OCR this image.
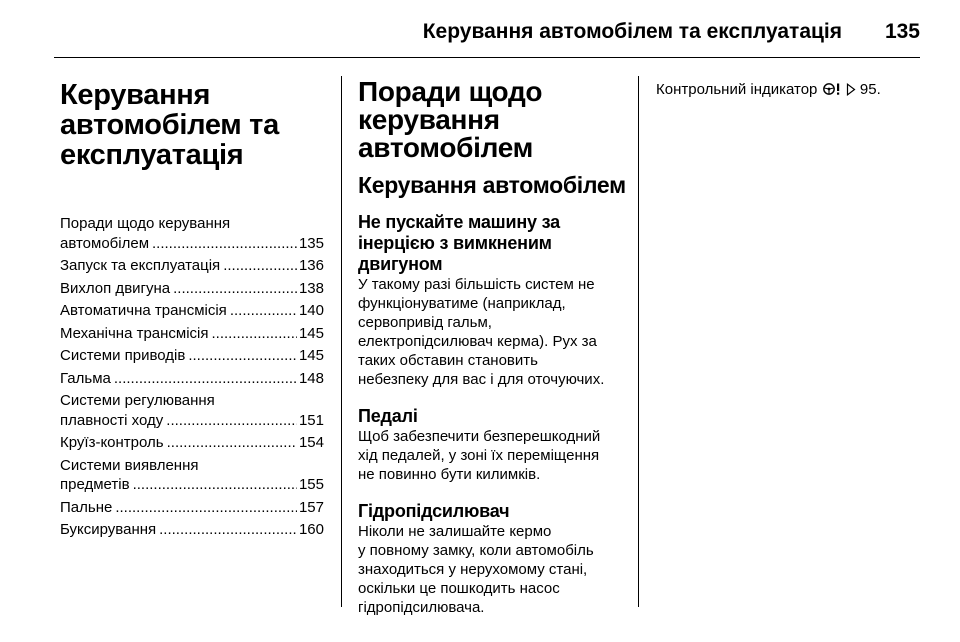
Керування автомобілем та експлуатація 135
Керування
автомобілем та
експлуатація
Поради щодо керування
автомобілем .....	135
Запуск та експлуатація .....	136
Вихлоп двигуна .....	138
Автоматична трансмісія .....	140
Механічна трансмісія .....	145
Системи приводів .....	145
Гальма .....	148
Системи регулювання
плавності ходу .....	151
Круїз-контроль .....	154
Системи виявлення
предметів .....	155
Пальне .....	157
Буксирування .....	160
Поради щодо
керування
автомобілем
Керування автомобілем
Не пускайте машину за
інерцією з вимкненим
двигуном
У такому разі більшість систем не
функціонуватиме (наприклад,
сервопривід гальм,
електропідсилювач керма). Рух за
таких обставин становить
небезпеку для вас і для оточуючих.
Педалі
Щоб забезпечити безперешкодний
хід педалей, у зоні їх переміщення
не повинно бути килимків.
Гідропідсилювач
Ніколи не залишайте кермо
у повному замку, коли автомобіль
знаходиться у нерухомому стані,
оскільки це пошкодить насос
гідропідсилювача.

Контрольний індикатор	95.
